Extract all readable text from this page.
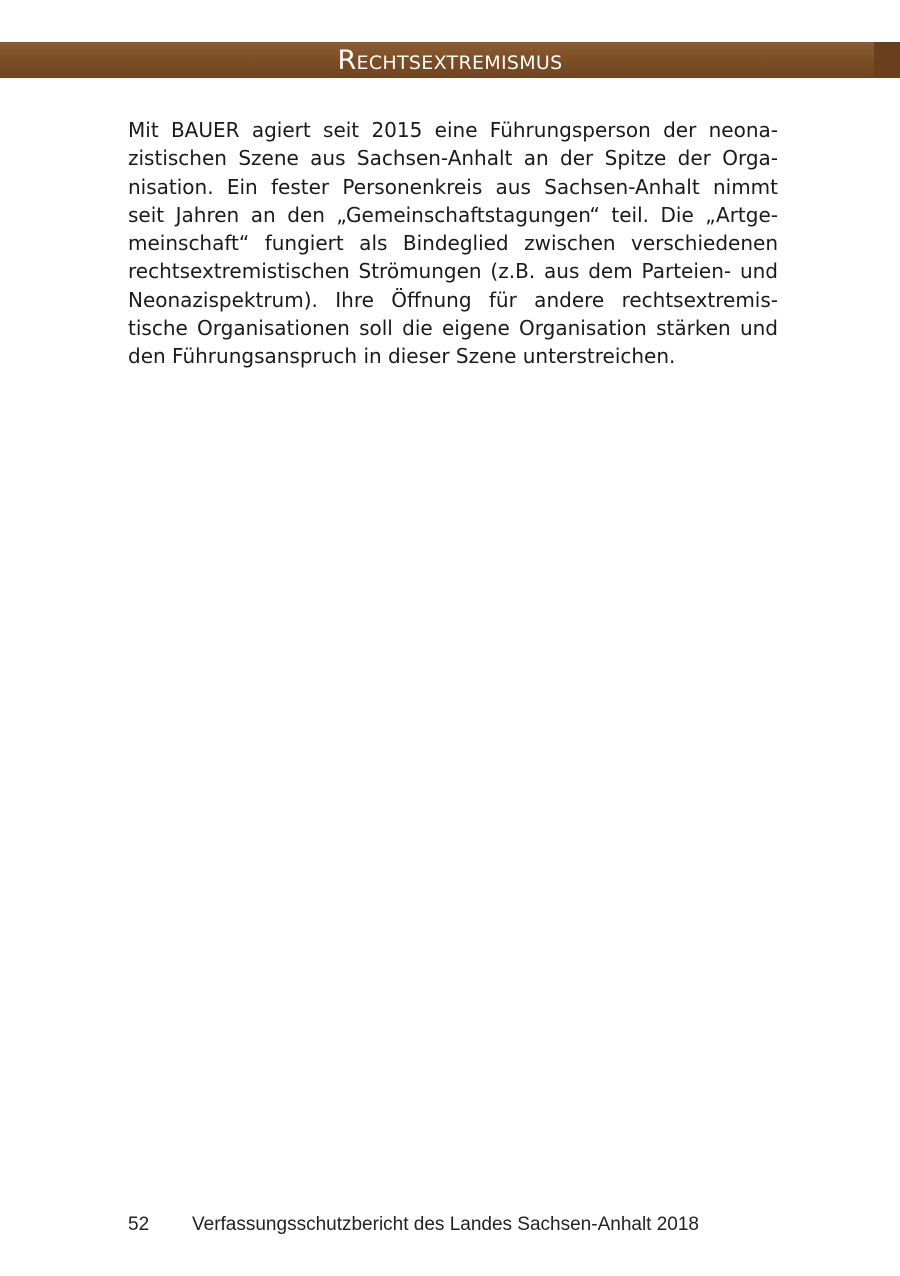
Rechtsextremismus
Mit BAUER agiert seit 2015 eine Führungsperson der neona-
zistischen Szene aus Sachsen-Anhalt an der Spitze der Orga-
nisation. Ein fester Personenkreis aus Sachsen-Anhalt nimmt
seit Jahren an den „Gemeinschaftstagungen“ teil. Die „Artge-
meinschaft“ fungiert als Bindeglied zwischen verschiedenen
rechtsextremistischen Strömungen (z.B. aus dem Parteien- und
Neonazispektrum). Ihre Öffnung für andere rechtsextremis-
tische Organisationen soll die eigene Organisation stärken und
den Führungsanspruch in dieser Szene unterstreichen.
52 Verfassungsschutzbericht des Landes Sachsen-Anhalt 2018
